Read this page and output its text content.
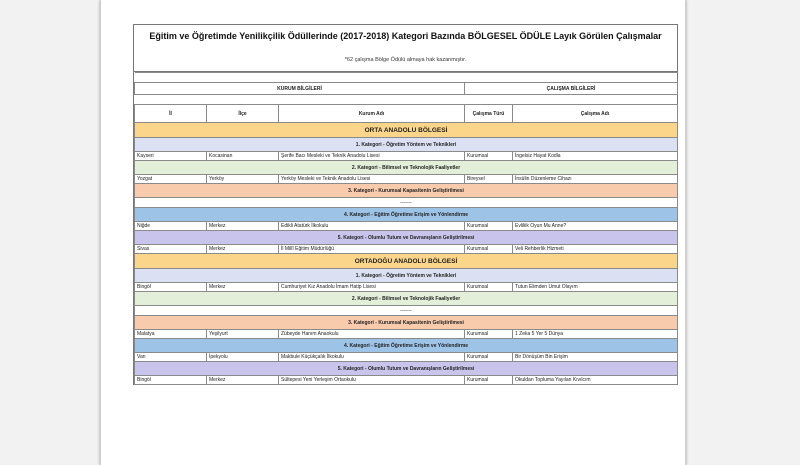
Eğitim ve Öğretimde Yenilikçilik Ödüllerinde (2017-2018) Kategori Bazında BÖLGESEL ÖDÜLE Layık Görülen Çalışmalar
*62 çalışma Bölge Ödülü almaya hak kazanmıştır.

KURUM BİLGİLERİ			ÇALIŞMA BİLGİLERİ	

İl	İlçe	Kurum Adı	Çalışma Türü	Çalışma Adı
ORTA ANADOLU BÖLGESİ				
1. Kategori - Öğretim Yöntem ve Teknikleri				
Kayseri	Kocasinan	Şerife Bacı Mesleki ve Teknik Anadolu Lisesi	Kurumsal	İngelsiz Hayat Kodla
2. Kategori - Bilimsel ve Teknolojik Faaliyetler				
Yozgat	Yerköy	Yerköy Mesleki ve Teknik Anadolu Lisesi	Bireysel	İnsülin Düzenleme Cihazı
3. Kategori - Kurumsal Kapasitenin Geliştirilmesi				
-------				
4. Kategori - Eğitim Öğretime Erişim ve Yönlendirme				
Niğde	Merkez	Edikli Atatürk İlkokulu	Kurumsal	Evliliik Oyun Mu Anne?
5. Kategori - Olumlu Tutum ve Davranışların Geliştirilmesi				
Sivas	Merkez	İl Millî Eğitim Müdürlüğü	Kurumsal	Veli Rehberlik Hizmeti
ORTADOĞU ANADOLU BÖLGESİ				
1. Kategori - Öğretim Yöntem ve Teknikleri				
Bingöl	Merkez	Cumhuriyet Kız Anadolu İmam Hatip Lisesi	Kurumsal	Tutun Elimden Umut Olayım
2. Kategori - Bilimsel ve Teknolojik Faaliyetler				
-------				
3. Kategori - Kurumsal Kapasitenin Geliştirilmesi				
Malatya	Yeşilyurt	Zübeyde Hanım Anaokulu	Kurumsal	1 Zeka 5 Yer 5 Dünya
4. Kategori - Eğitim Öğretime Erişim ve Yönlendirme				
Van	İpekyolu	Makbule Küçükçalık İlkokulu	Kurumsal	Bir Dönüşüm Bin Erişim
5. Kategori - Olumlu Tutum ve Davranışların Geliştirilmesi				
Bingöl	Merkez	Sültepesi Yeni Yerleşim Ortaokulu	Kurumsal	Okuldan Topluma Yayılan Kıvılcım
